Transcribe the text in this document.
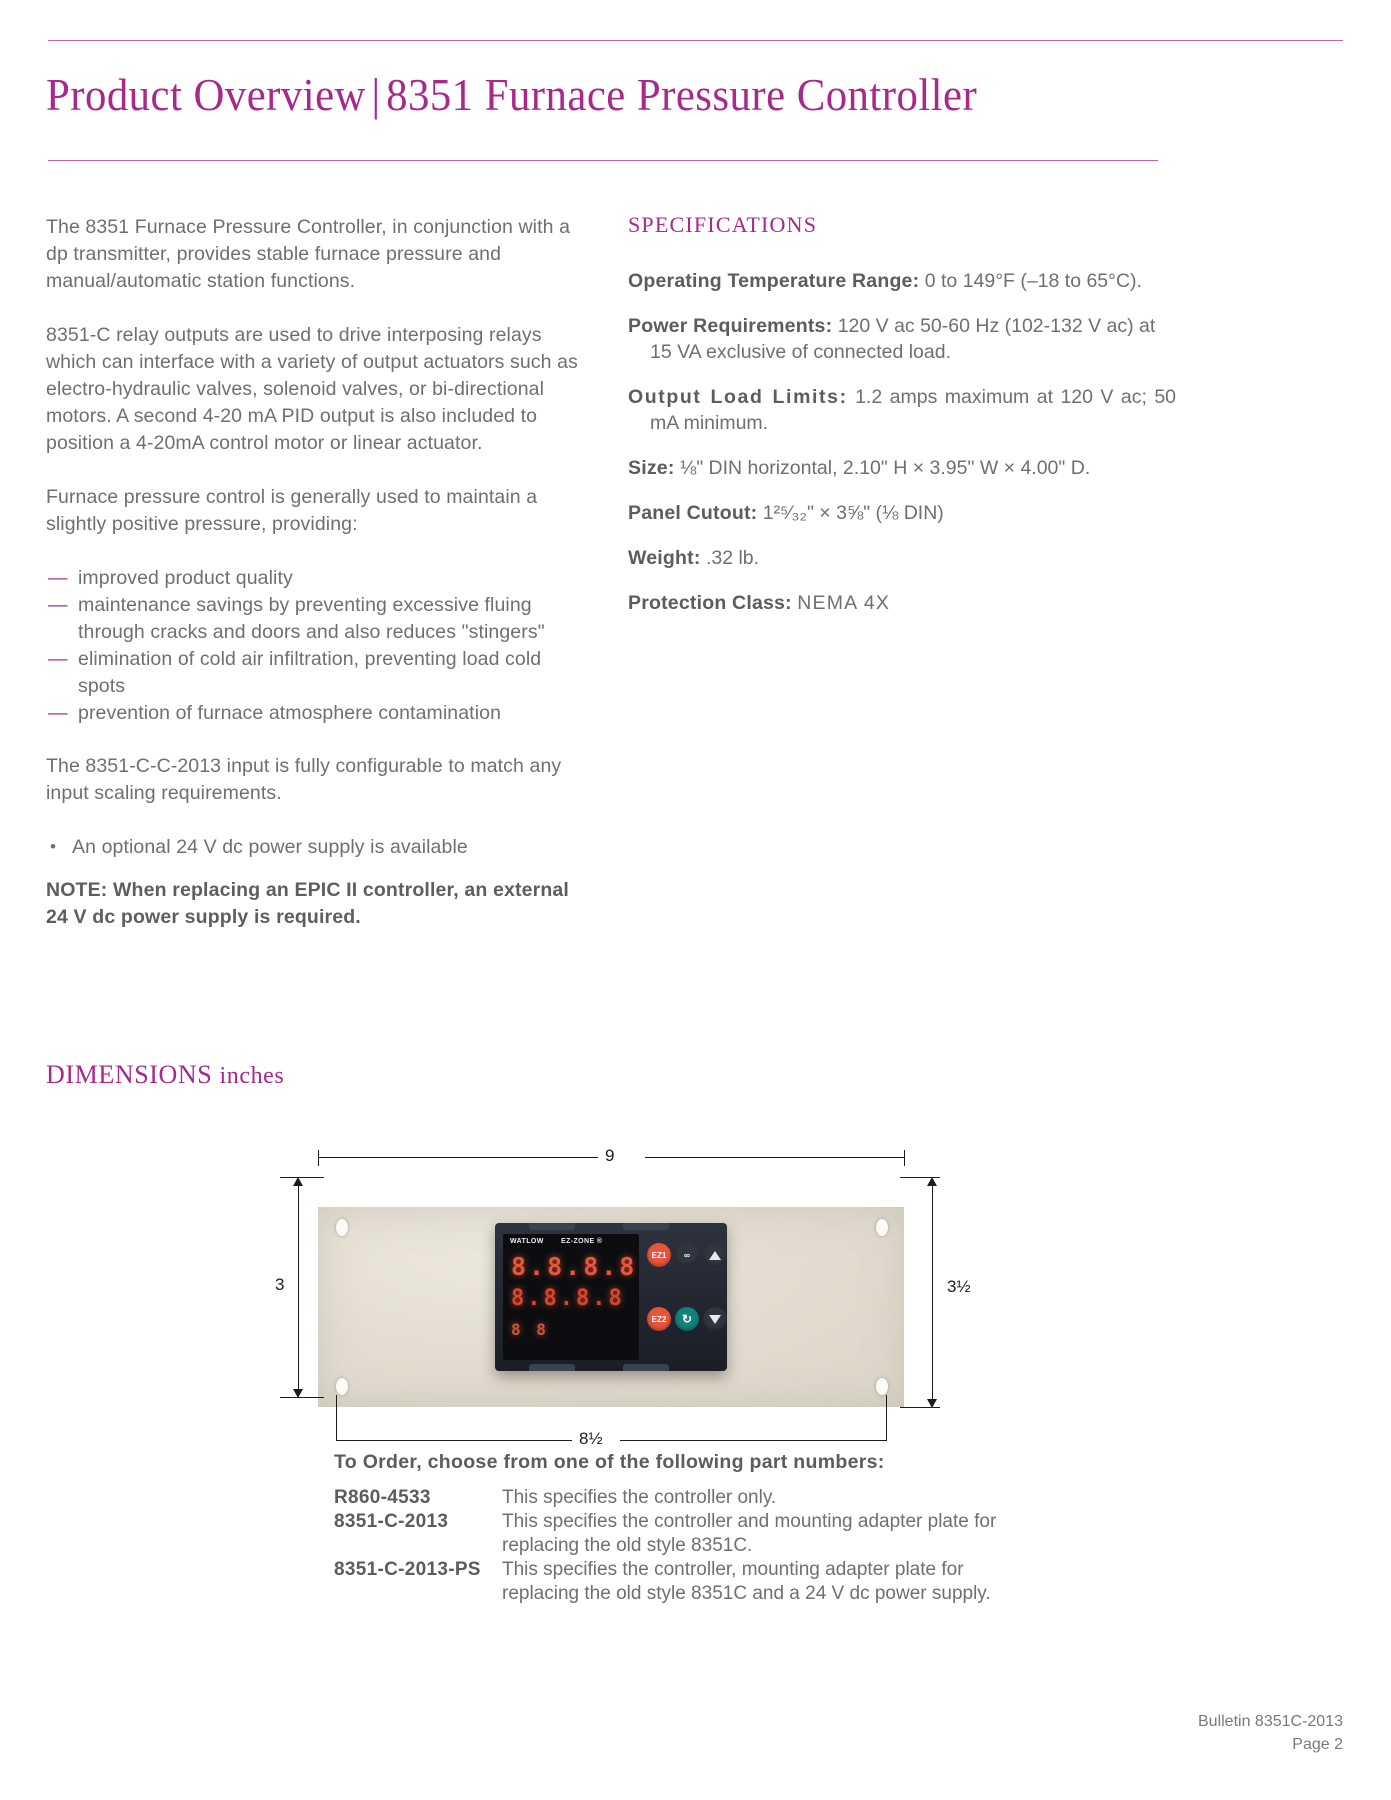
Product Overview | 8351 Furnace Pressure Controller

The 8351 Furnace Pressure Controller, in conjunction with a dp transmitter, provides stable furnace pressure and manual/automatic station functions.

8351-C relay outputs are used to drive interposing relays which can interface with a variety of output actuators such as electro-hydraulic valves, solenoid valves, or bi-directional motors. A second 4-20 mA PID output is also included to position a 4-20mA control motor or linear actuator.

Furnace pressure control is generally used to maintain a slightly positive pressure, providing:

— improved product quality
— maintenance savings by preventing excessive fluing through cracks and doors and also reduces "stingers"
— elimination of cold air infiltration, preventing load cold spots
— prevention of furnace atmosphere contamination

The 8351-C-C-2013 input is fully configurable to match any input scaling requirements.

• An optional 24 V dc power supply is available

NOTE: When replacing an EPIC II controller, an external 24 V dc power supply is required.

SPECIFICATIONS

Operating Temperature Range: 0 to 149°F (–18 to 65°C).

Power Requirements: 120 V ac 50-60 Hz (102-132 V ac) at 15 VA exclusive of connected load.

Output Load Limits: 1.2 amps maximum at 120 V ac; 50 mA minimum.

Size: ⅛" DIN horizontal, 2.10" H × 3.95" W × 4.00" D.

Panel Cutout: 1²⁵⁄₃₂" × 3⅝" (⅛ DIN)

Weight: .32 lb.

Protection Class: NEMA 4X

DIMENSIONS inches
9
WATLOW EZ-ZONE ®
8.8.8.8
8.8.8.8
8 8

EZ1	∞
EZ2	↻
3	3½
8½

To Order, choose from one of the following part numbers:

R860-4533	This specifies the controller only.
8351-C-2013	This specifies the controller and mounting adapter plate for replacing the old style 8351C.
8351-C-2013-PS	This specifies the controller, mounting adapter plate for replacing the old style 8351C and a 24 V dc power supply.
Bulletin 8351C-2013
Page 2
